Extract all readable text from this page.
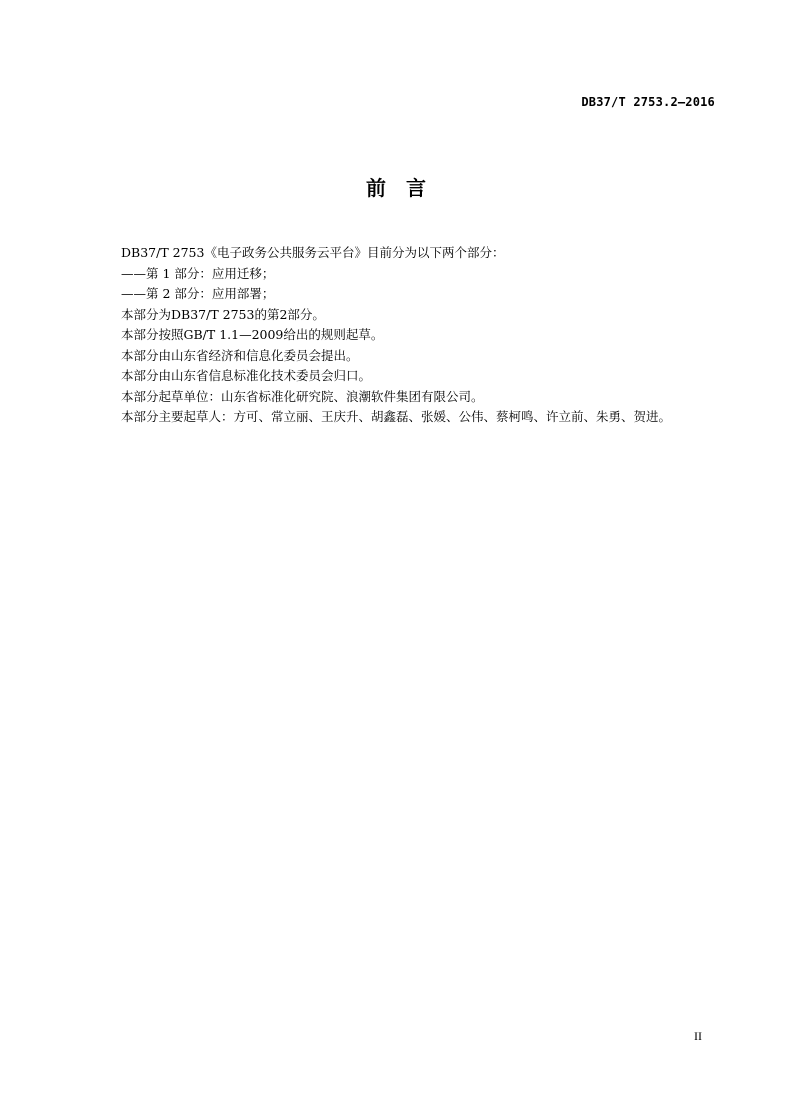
DB37/T 2753.2—2016
前　言
DB37/T 2753《电子政务公共服务云平台》目前分为以下两个部分：
——第 1 部分：应用迁移；
——第 2 部分：应用部署；
本部分为DB37/T 2753的第2部分。
本部分按照GB/T 1.1—2009给出的规则起草。
本部分由山东省经济和信息化委员会提出。
本部分由山东省信息标准化技术委员会归口。
本部分起草单位：山东省标准化研究院、浪潮软件集团有限公司。
本部分主要起草人：方可、常立丽、王庆升、胡鑫磊、张媛、公伟、蔡柯鸣、许立前、朱勇、贺进。
II
